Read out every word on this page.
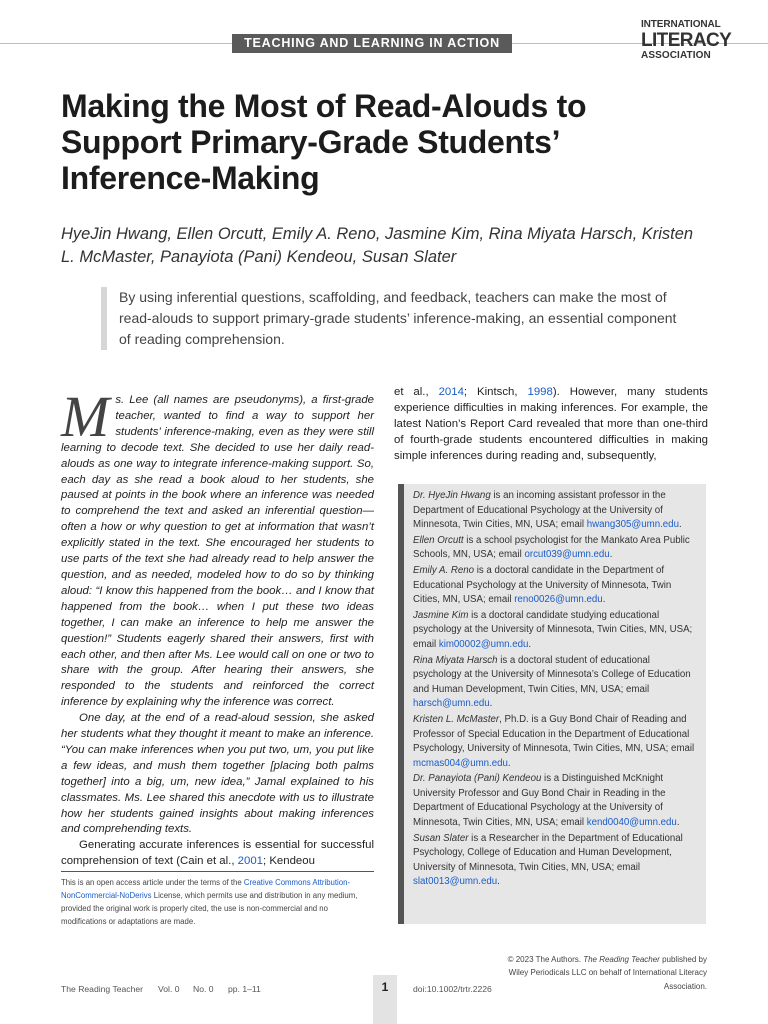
TEACHING AND LEARNING IN ACTION
INTERNATIONAL
LITERACY
ASSOCIATION
Making the Most of Read-Alouds to Support Primary-Grade Students’ Inference-Making

HyeJin Hwang, Ellen Orcutt, Emily A. Reno, Jasmine Kim, Rina Miyata Harsch, Kristen L. McMaster, Panayiota (Pani) Kendeou, Susan Slater

By using inferential questions, scaffolding, and feedback, teachers can make the most of read-alouds to support primary-grade students’ inference-making, an essential component of reading comprehension.

Ms. Lee (all names are pseudonyms), a first-grade teacher, wanted to find a way to support her students’ inference-making, even as they were still learning to decode text. She decided to use her daily read-alouds as one way to integrate inference-making support. So, each day as she read a book aloud to her students, she paused at points in the book where an inference was needed to comprehend the text and asked an inferential question—often a how or why question to get at information that wasn’t explicitly stated in the text. She encouraged her students to use parts of the text she had already read to help answer the question, and as needed, modeled how to do so by thinking aloud: “I know this happened from the book… and I know that happened from the book… when I put these two ideas together, I can make an inference to help me answer the question!” Students eagerly shared their answers, first with each other, and then after Ms. Lee would call on one or two to share with the group. After hearing their answers, she responded to the students and reinforced the correct inference by explaining why the inference was correct.

One day, at the end of a read-aloud session, she asked her students what they thought it meant to make an inference. “You can make inferences when you put two, um, you put like a few ideas, and mush them together [placing both palms together] into a big, um, new idea,” Jamal explained to his classmates. Ms. Lee shared this anecdote with us to illustrate how her students gained insights about making inferences and comprehending texts.

Generating accurate inferences is essential for successful comprehension of text (Cain et al., 2001; Kendeou

et al., 2014; Kintsch, 1998). However, many students experience difficulties in making inferences. For example, the latest Nation’s Report Card revealed that more than one-third of fourth-grade students encountered difficulties in making simple inferences during reading and, subsequently,

Dr. HyeJin Hwang is an incoming assistant professor in the Department of Educational Psychology at the University of Minnesota, Twin Cities, MN, USA; email hwang305@umn.edu.

Ellen Orcutt is a school psychologist for the Mankato Area Public Schools, MN, USA; email orcut039@umn.edu.

Emily A. Reno is a doctoral candidate in the Department of Educational Psychology at the University of Minnesota, Twin Cities, MN, USA; email reno0026@umn.edu.

Jasmine Kim is a doctoral candidate studying educational psychology at the University of Minnesota, Twin Cities, MN, USA; email kim00002@umn.edu.

Rina Miyata Harsch is a doctoral student of educational psychology at the University of Minnesota’s College of Education and Human Development, Twin Cities, MN, USA; email harsch@umn.edu.

Kristen L. McMaster, Ph.D. is a Guy Bond Chair of Reading and Professor of Special Education in the Department of Educational Psychology, University of Minnesota, Twin Cities, MN, USA; email mcmas004@umn.edu.

Dr. Panayiota (Pani) Kendeou is a Distinguished McKnight University Professor and Guy Bond Chair in Reading in the Department of Educational Psychology at the University of Minnesota, Twin Cities, MN, USA; email kend0040@umn.edu.

Susan Slater is a Researcher in the Department of Educational Psychology, College of Education and Human Development, University of Minnesota, Twin Cities, MN, USA; email slat0013@umn.edu.

This is an open access article under the terms of the Creative Commons Attribution-NonCommercial-NoDerivs License, which permits use and distribution in any medium, provided the original work is properly cited, the use is non-commercial and no modifications or adaptations are made.
© 2023 The Authors. The Reading Teacher published by Wiley Periodicals LLC on behalf of International Literacy Association.
The Reading Teacher Vol. 0 No. 0 pp. 1–11	1	doi:10.1002/trtr.2226
